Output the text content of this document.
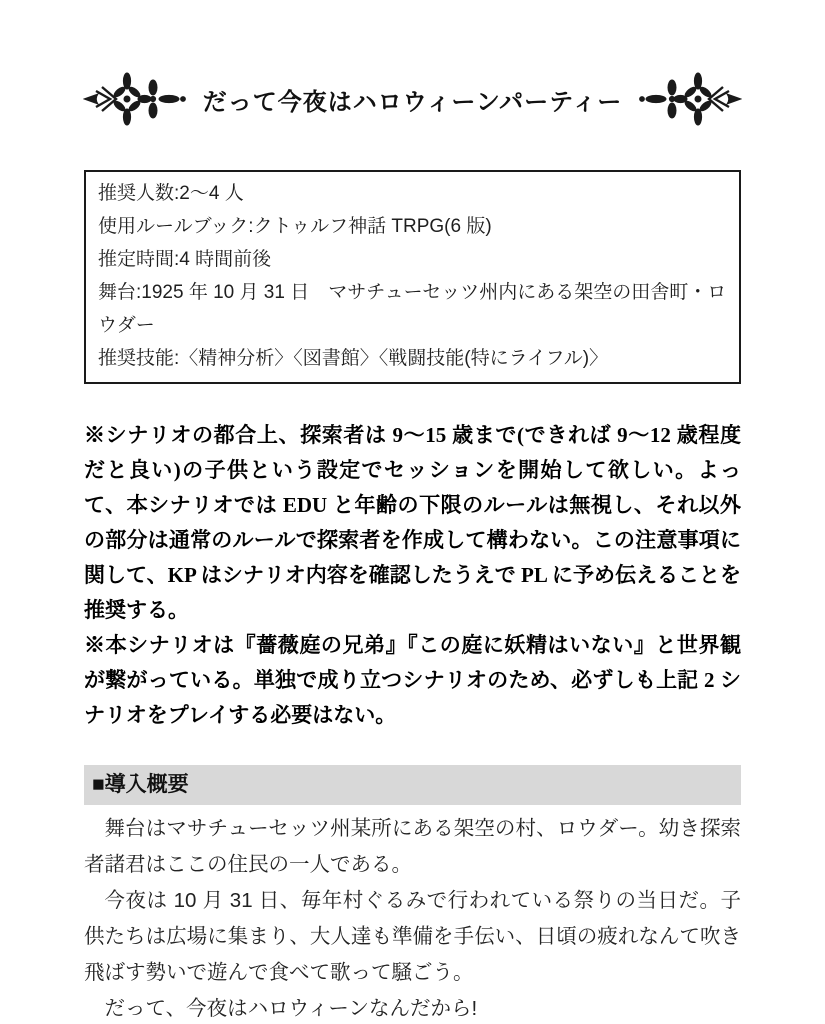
だって今夜はハロウィーンパーティー
推奨人数:2〜4 人
使用ルールブック:クトゥルフ神話 TRPG(6 版)
推定時間:4 時間前後
舞台:1925 年 10 月 31 日　マサチューセッツ州内にある架空の田舎町・ロウダー
推奨技能:〈精神分析〉〈図書館〉〈戦闘技能(特にライフル)〉

※シナリオの都合上、探索者は 9〜15 歳まで(できれば 9〜12 歳程度だと良い)の子供という設定でセッションを開始して欲しい。よって、本シナリオでは EDU と年齢の下限のルールは無視し、それ以外の部分は通常のルールで探索者を作成して構わない。この注意事項に関して、KP はシナリオ内容を確認したうえで PL に予め伝えることを推奨する。

※本シナリオは『薔薇庭の兄弟』『この庭に妖精はいない』と世界観が繋がっている。単独で成り立つシナリオのため、必ずしも上記 2 シナリオをプレイする必要はない。

■導入概要

舞台はマサチューセッツ州某所にある架空の村、ロウダー。幼き探索者諸君はここの住民の一人である。

今夜は 10 月 31 日、毎年村ぐるみで行われている祭りの当日だ。子供たちは広場に集まり、大人達も準備を手伝い、日頃の疲れなんて吹き飛ばす勢いで遊んで食べて歌って騒ごう。

だって、今夜はハロウィーンなんだから!
